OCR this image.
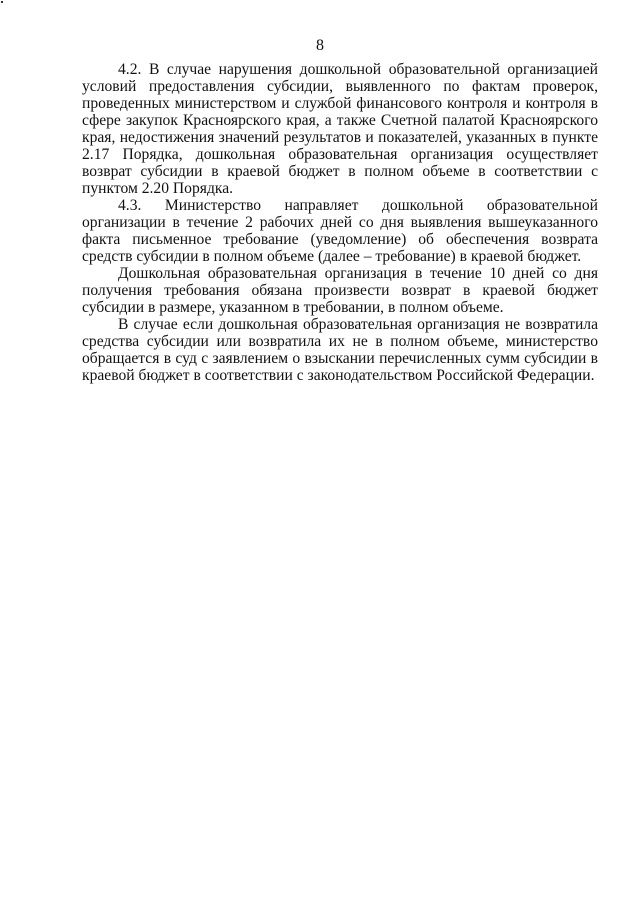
8

4.2. В случае нарушения дошкольной образовательной организацией условий предоставления субсидии, выявленного по фактам проверок, проведенных министерством и службой финансового контроля и контроля в сфере закупок Красноярского края, а также Счетной палатой Красноярского края, недостижения значений результатов и показателей, указанных в пункте 2.17 Порядка, дошкольная образовательная организация осуществляет возврат субсидии в краевой бюджет в полном объеме в соответствии с пунктом 2.20 Порядка.

4.3. Министерство направляет дошкольной образовательной организации в течение 2 рабочих дней со дня выявления вышеуказанного факта письменное требование (уведомление) об обеспечения возврата средств субсидии в полном объеме (далее – требование) в краевой бюджет.

Дошкольная образовательная организация в течение 10 дней со дня получения требования обязана произвести возврат в краевой бюджет субсидии в размере, указанном в требовании, в полном объеме.

В случае если дошкольная образовательная организация не возвратила средства субсидии или возвратила их не в полном объеме, министерство обращается в суд с заявлением о взыскании перечисленных сумм субсидии в краевой бюджет в соответствии с законодательством Российской Федерации.
